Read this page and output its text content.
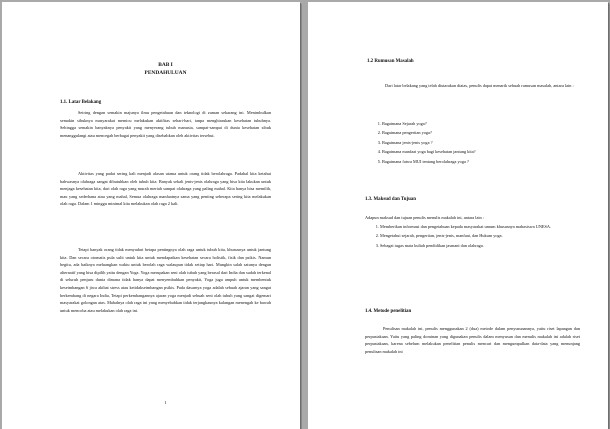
BAB I
PENDAHULUAN
1.1. Latar Belakang
Seiring dengan semakin majunya ilmu pengetahuan dan teknologi di zaman sekarang ini. Menimbulkan semakin sibuknya masyarakat memicu melakukan aktifitas sehari-hari, tanpa menghiraukan kesehatan tubuhnya. Sehingga semakin banyaknya penyakit yang menyerang tubuh manusia, sampai-sampai di dunia kesehatan sibuk menanggulangi atau mencegah berbagai penyakit yang disebabkan oleh aktivitas tersebut.
Aktivitas yang padat sering kali menjadi alasan utama untuk orang tidak berolahraga. Padahal kita ketahui bahwasnya olahraga sangat dibutuhkan oleh tubuh kita. Banyak sekali jenis-jenis olahraga yang bisa kita lakukan untuk menjaga kesehatan kita, dari olah raga yang murah meriah sampai olahraga yang paling mahal. Kita hanya bisa memilih, mau yang sederhana atau yang mahal, Semua olahraga manfaatnya sama yang penting seberapa sering kita melakukan olah raga. Dalam 1 minggu minimal kita melakukan olah raga 2 kali.
Tetapi banyak orang tidak menyadari betapa pentingnya olah raga untuk tubuh kita, khususnya untuk jantung kita. Dan secara otomatis pula sulit untuk kita untuk mendapatkan kesehatan secara holistik, fisik dan psikis. Namun begitu, ada baiknya meluangkan waktu untuk berolah raga walaupun tidak setiap hari. Mungkin salah satunya dengan alternatif yang bisa dipilih yaitu dengan Yoga. Yoga merupakan seni olah tubuh yang berasal dari India dan sudah terkenal di seluruh penjuru dunia dimana tidak hanya dapat menyembuhkan penyakit, Yoga juga ampuh untuk membentuk keseimbangan 6 jiwa akibat stress atau ketidakseimbangan psikis. Pada dasarnya yoga adalah sebuah ajaran yang sangat berkembang di negara India, Tetapi perkembangannya ajaran yoga menjadi sebuah seni olah tubuh yang sangat digemari masyarakat golongan atas. Mahalnya olah raga ini yang menyebabkan tidak terjangkaunya kalangan menengah ke bawah untuk mencoba atau melakukan olah raga ini.
1
1.2 Rumusan Masalah
Dari latar belakang yang telah diutarakan diatas, penulis dapat menarik sebuah rumusan masalah, antara lain :
1. Bagaimana Sejarah yoga?
2. Bagaimana pengertian yoga?
3. Bagaimana jenis-jenis yoga ?
4. Bagaimana manfaat yoga bagi kesehatan jantung kita?
5. Bagaimana fatwa MUI tentang berolahraga yoga ?
1.3. Maksud dan Tujuan
Adapun maksud dan tujuan penulis menulis makalah ini, antara lain :
1. Memberikan informasi dan pengetahuan kepada masyarakat umum khususnya mahasiswa UNESA.
2. Mengetahui sejarah, pengertian, jenis-jenis, manfaat, dan Hukum yoga.
3. Sebagai tugas mata kuliah pendidikan jasmani dan olahraga.
1.4. Metode penelitian
Penulisan makalah ini, penulis menggunakan 2 (dua) metode dalam penyusunannya, yaitu riset lapangan dan perpustakaan. Yaitu yang paling dominan yang digunakan penulis dalam menyusun dan menulis makalah ini adalah riset perpustakaan, karena sebelum melakukan penelitian penulis mencari dan mengumpulkan data-data yang menunjang penulisan makalah ini
